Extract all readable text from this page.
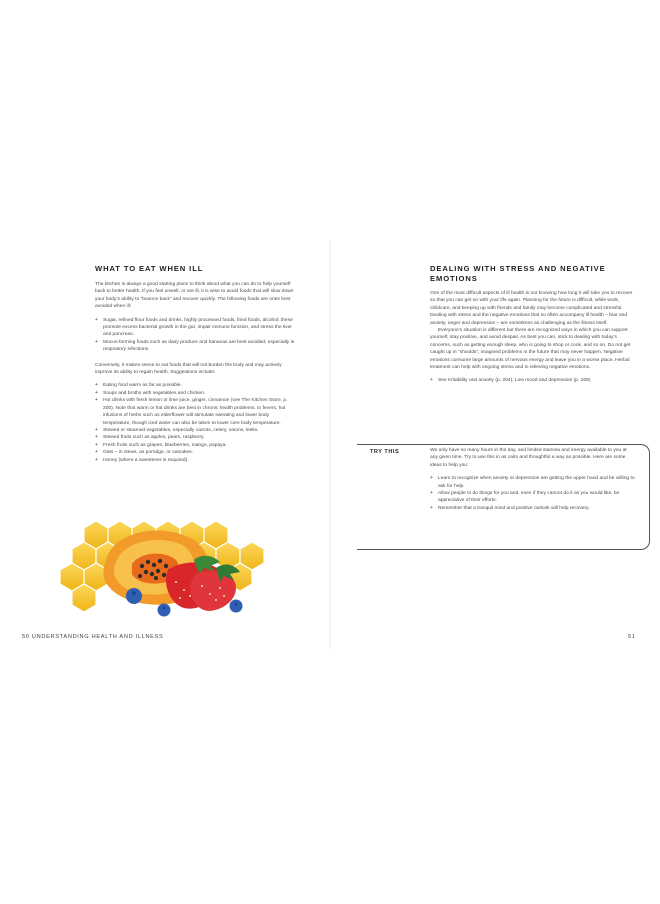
WHAT TO EAT WHEN ILL

The kitchen is always a good starting place to think about what you can do to help yourself back to better health. If you feel unwell, or are ill, it is wise to avoid foods that will slow down your body’s ability to “bounce back” and recover quickly. The following foods are ones best avoided when ill:

+ Sugar, refined flour foods and drinks, highly processed foods, fried foods, alcohol; these promote excess bacterial growth in the gut, impair immune function, and stress the liver and pancreas.
+ Mucus-forming foods such as dairy produce and bananas are best avoided, especially in respiratory infections.

Conversely, it makes sense to eat foods that will not burden the body and may actively improve its ability to regain health. Suggestions include:

+ Eating food warm as far as possible.
+ Soups and broths with vegetables and chicken.
+ Hot drinks with fresh lemon or lime juice, ginger, cinnamon (see The Kitchen Store, p. 200). Note that warm or hot drinks are best in chronic health problems. In fevers, hot infusions of herbs such as elderflower will stimulate sweating and lower body temperature, though iced water can also be taken to lower core body temperature.
+ Stewed or steamed vegetables, especially carrots, celery, onions, leeks.
+ Stewed fruits such as apples, pears, raspberry.
+ Fresh fruits such as grapes, blueberries, mango, papaya.
+ Oats – in stews, as porridge, or oatcakes.
+ Honey (where a sweetener is required).
50 UNDERSTANDING HEALTH AND ILLNESS
DEALING WITH STRESS AND NEGATIVE EMOTIONS

One of the most difficult aspects of ill health is not knowing how long it will take you to recover so that you can get on with your life again. Planning for the future is difficult, while work, childcare, and keeping up with friends and family may become complicated and stressful. Dealing with stress and the negative emotions that so often accompany ill health – fear and anxiety, anger and depression – are sometimes as challenging as the illness itself.

Everyone’s situation is different but there are recognized ways in which you can support yourself, stay positive, and avoid despair. As best you can, stick to dealing with today’s concerns, such as getting enough sleep, who is going to shop or cook, and so on. Do not get caught up in “shoulds”, imagined problems in the future that may never happen. Negative emotions consume large amounts of nervous energy and leave you in a worse place. Herbal treatment can help with ongoing stress and in relieving negative emotions.

+ See Irritability and anxiety (p. 204); Low mood and depression (p. 208)
TRY THIS	We only have so many hours in the day, and limited stamina and energy available to you at any given time. Try to use this in as calm and thoughtful a way as possible. Here are some ideas to help you:

+ Learn to recognize when anxiety or depression are getting the upper hand and be willing to ask for help.
+ Allow people to do things for you and, even if they cannot do it as you would like, be appreciative of their efforts.
+ Remember that a tranquil mind and positive outlook will help recovery.
51
